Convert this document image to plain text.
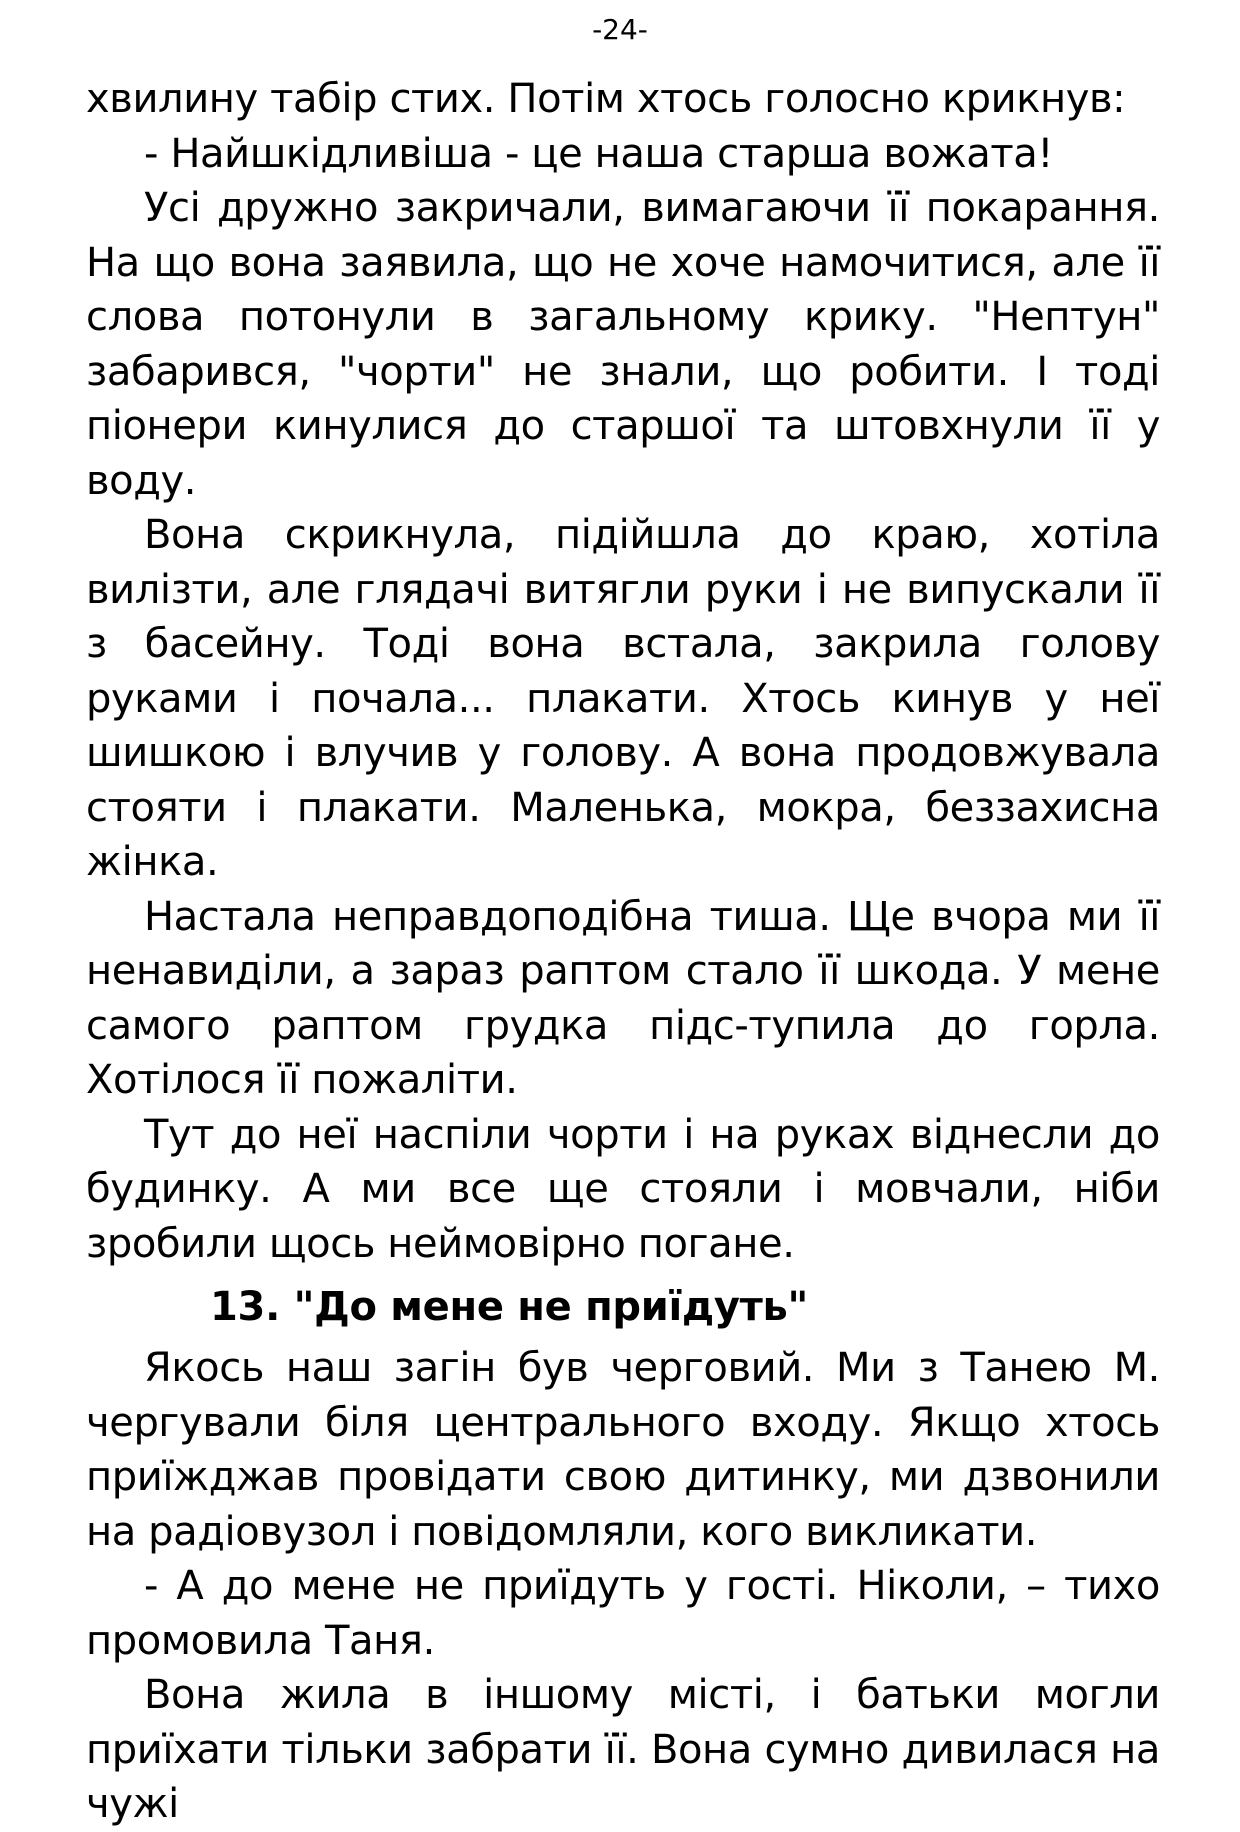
-24-

хвилину табір стих. Потім хтось голосно крикнув:

- Найшкідливіша - це наша старша вожата!

Усі дружно закричали, вимагаючи її покарання. На що вона заявила, що не хоче намочитися, але її слова потонули в загальному крику. "Нептун" забарився, "чорти" не знали, що робити. І тоді піонери кинулися до старшої та штовхнули її у воду.

Вона скрикнула, підійшла до краю, хотіла вилізти, але глядачі витягли руки і не випускали її з басейну. Тоді вона встала, закрила голову руками і почала... плакати. Хтось кинув у неї шишкою і влучив у голову. А вона продовжувала стояти і плакати. Маленька, мокра, беззахисна жінка.

Настала неправдоподібна тиша. Ще вчора ми її ненавиділи, а зараз раптом стало її шкода. У мене самого раптом грудка підс-тупила до горла. Хотілося її пожаліти.

Тут до неї наспіли чорти і на руках віднесли до будинку. А ми все ще стояли і мовчали, ніби зробили щось неймовірно погане.

13. "До мене не приїдуть"

Якось наш загін був черговий. Ми з Танею М. чергували біля центрального входу. Якщо хтось приїжджав провідати свою дитинку, ми дзвонили на радіовузол і повідомляли, кого викликати.

- А до мене не приїдуть у гості. Ніколи, – тихо промовила Таня.

Вона жила в іншому місті, і батьки могли приїхати тільки забрати її. Вона сумно дивилася на чужі
